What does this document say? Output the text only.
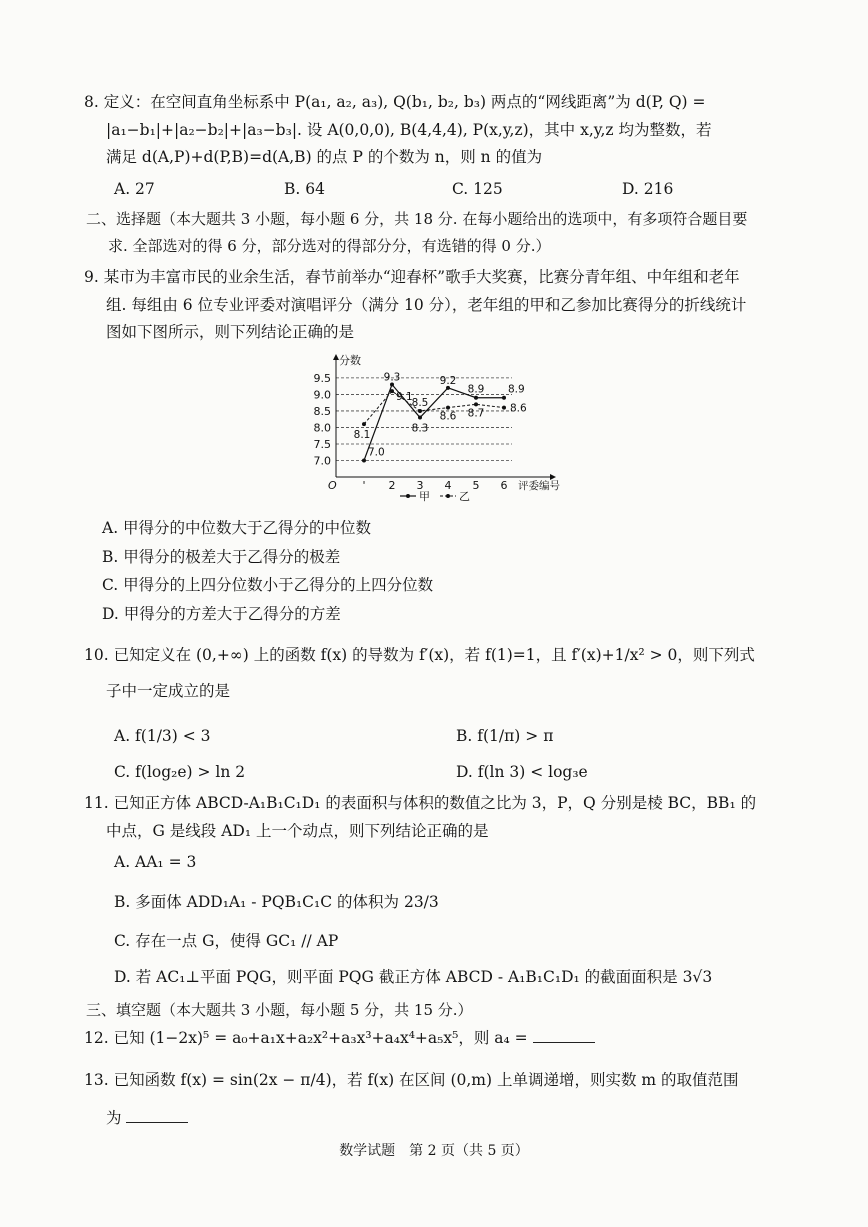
8. 定义：在空间直角坐标系中 P(a₁, a₂, a₃), Q(b₁, b₂, b₃) 两点的“网线距离”为 d(P, Q) =

|a₁−b₁|+|a₂−b₂|+|a₃−b₃|. 设 A(0,0,0), B(4,4,4), P(x,y,z)，其中 x,y,z 均为整数，若

满足 d(A,P)+d(P,B)=d(A,B) 的点 P 的个数为 n，则 n 的值为

A. 27	B. 64	C. 125	D. 216

二、选择题（本大题共 3 小题，每小题 6 分，共 18 分. 在每小题给出的选项中，有多项符合题目要

求. 全部选对的得 6 分，部分选对的得部分分，有选错的得 0 分.）

9. 某市为丰富市民的业余生活，春节前举办“迎春杯”歌手大奖赛，比赛分青年组、中年组和老年

组. 每组由 6 位专业评委对演唱评分（满分 10 分），老年组的甲和乙参加比赛得分的折线统计

图如下图所示，则下列结论正确的是

9.5
9.0
8.5
8.0
7.5
7.0
分数
O	评委编号
' 2 3 4 5 6
7.0
9.3
8.3
9.2
8.9 8.9
8.1
9.1
8.5
8.6 8.7 8.6
甲	乙

A. 甲得分的中位数大于乙得分的中位数

B. 甲得分的极差大于乙得分的极差

C. 甲得分的上四分位数小于乙得分的上四分位数

D. 甲得分的方差大于乙得分的方差

10. 已知定义在 (0,+∞) 上的函数 f(x) 的导数为 f′(x)，若 f(1)=1，且 f′(x)+1/x² > 0，则下列式

子中一定成立的是

A. f(1/3) < 3	B. f(1/π) > π
C. f(log₂e) > ln 2	D. f(ln 3) < log₃e

11. 已知正方体 ABCD-A₁B₁C₁D₁ 的表面积与体积的数值之比为 3，P，Q 分别是棱 BC，BB₁ 的

中点，G 是线段 AD₁ 上一个动点，则下列结论正确的是

A. AA₁ = 3

B. 多面体 ADD₁A₁ - PQB₁C₁C 的体积为 23/3

C. 存在一点 G，使得 GC₁ // AP

D. 若 AC₁⊥平面 PQG，则平面 PQG 截正方体 ABCD - A₁B₁C₁D₁ 的截面面积是 3√3

三、填空题（本大题共 3 小题，每小题 5 分，共 15 分.）

12. 已知 (1−2x)⁵ = a₀+a₁x+a₂x²+a₃x³+a₄x⁴+a₅x⁵，则 a₄ =

13. 已知函数 f(x) = sin(2x − π/4)，若 f(x) 在区间 (0,m) 上单调递增，则实数 m 的取值范围

为

数学试题　第 2 页（共 5 页）
